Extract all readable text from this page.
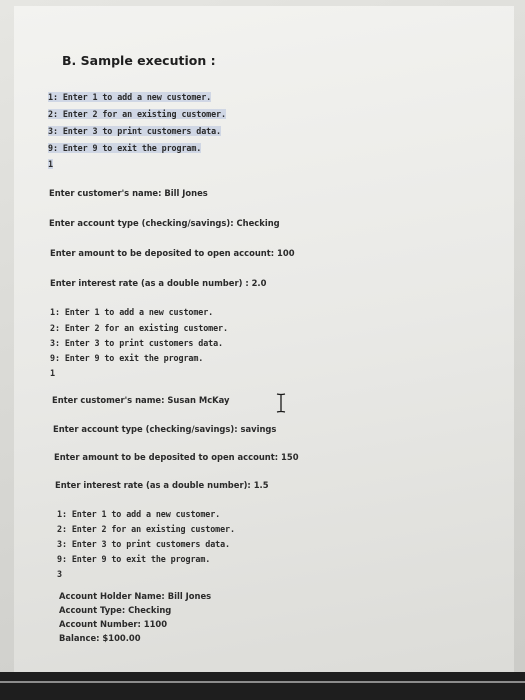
B. Sample execution :
1: Enter 1 to add a new customer.
2: Enter 2 for an existing customer.
3: Enter 3 to print customers data.
9: Enter 9 to exit the program.
1
Enter customer's name: Bill Jones
Enter account type (checking/savings): Checking
Enter amount to be deposited to open account: 100
Enter interest rate (as a double number) : 2.0
1: Enter 1 to add a new customer.
2: Enter 2 for an existing customer.
3: Enter 3 to print customers data.
9: Enter 9 to exit the program.
1
Enter customer's name: Susan McKay
Enter account type (checking/savings): savings
Enter amount to be deposited to open account: 150
Enter interest rate (as a double number): 1.5
1: Enter 1 to add a new customer.
2: Enter 2 for an existing customer.
3: Enter 3 to print customers data.
9: Enter 9 to exit the program.
3
Account Holder Name: Bill Jones
Account Type: Checking
Account Number: 1100
Balance: $100.00
